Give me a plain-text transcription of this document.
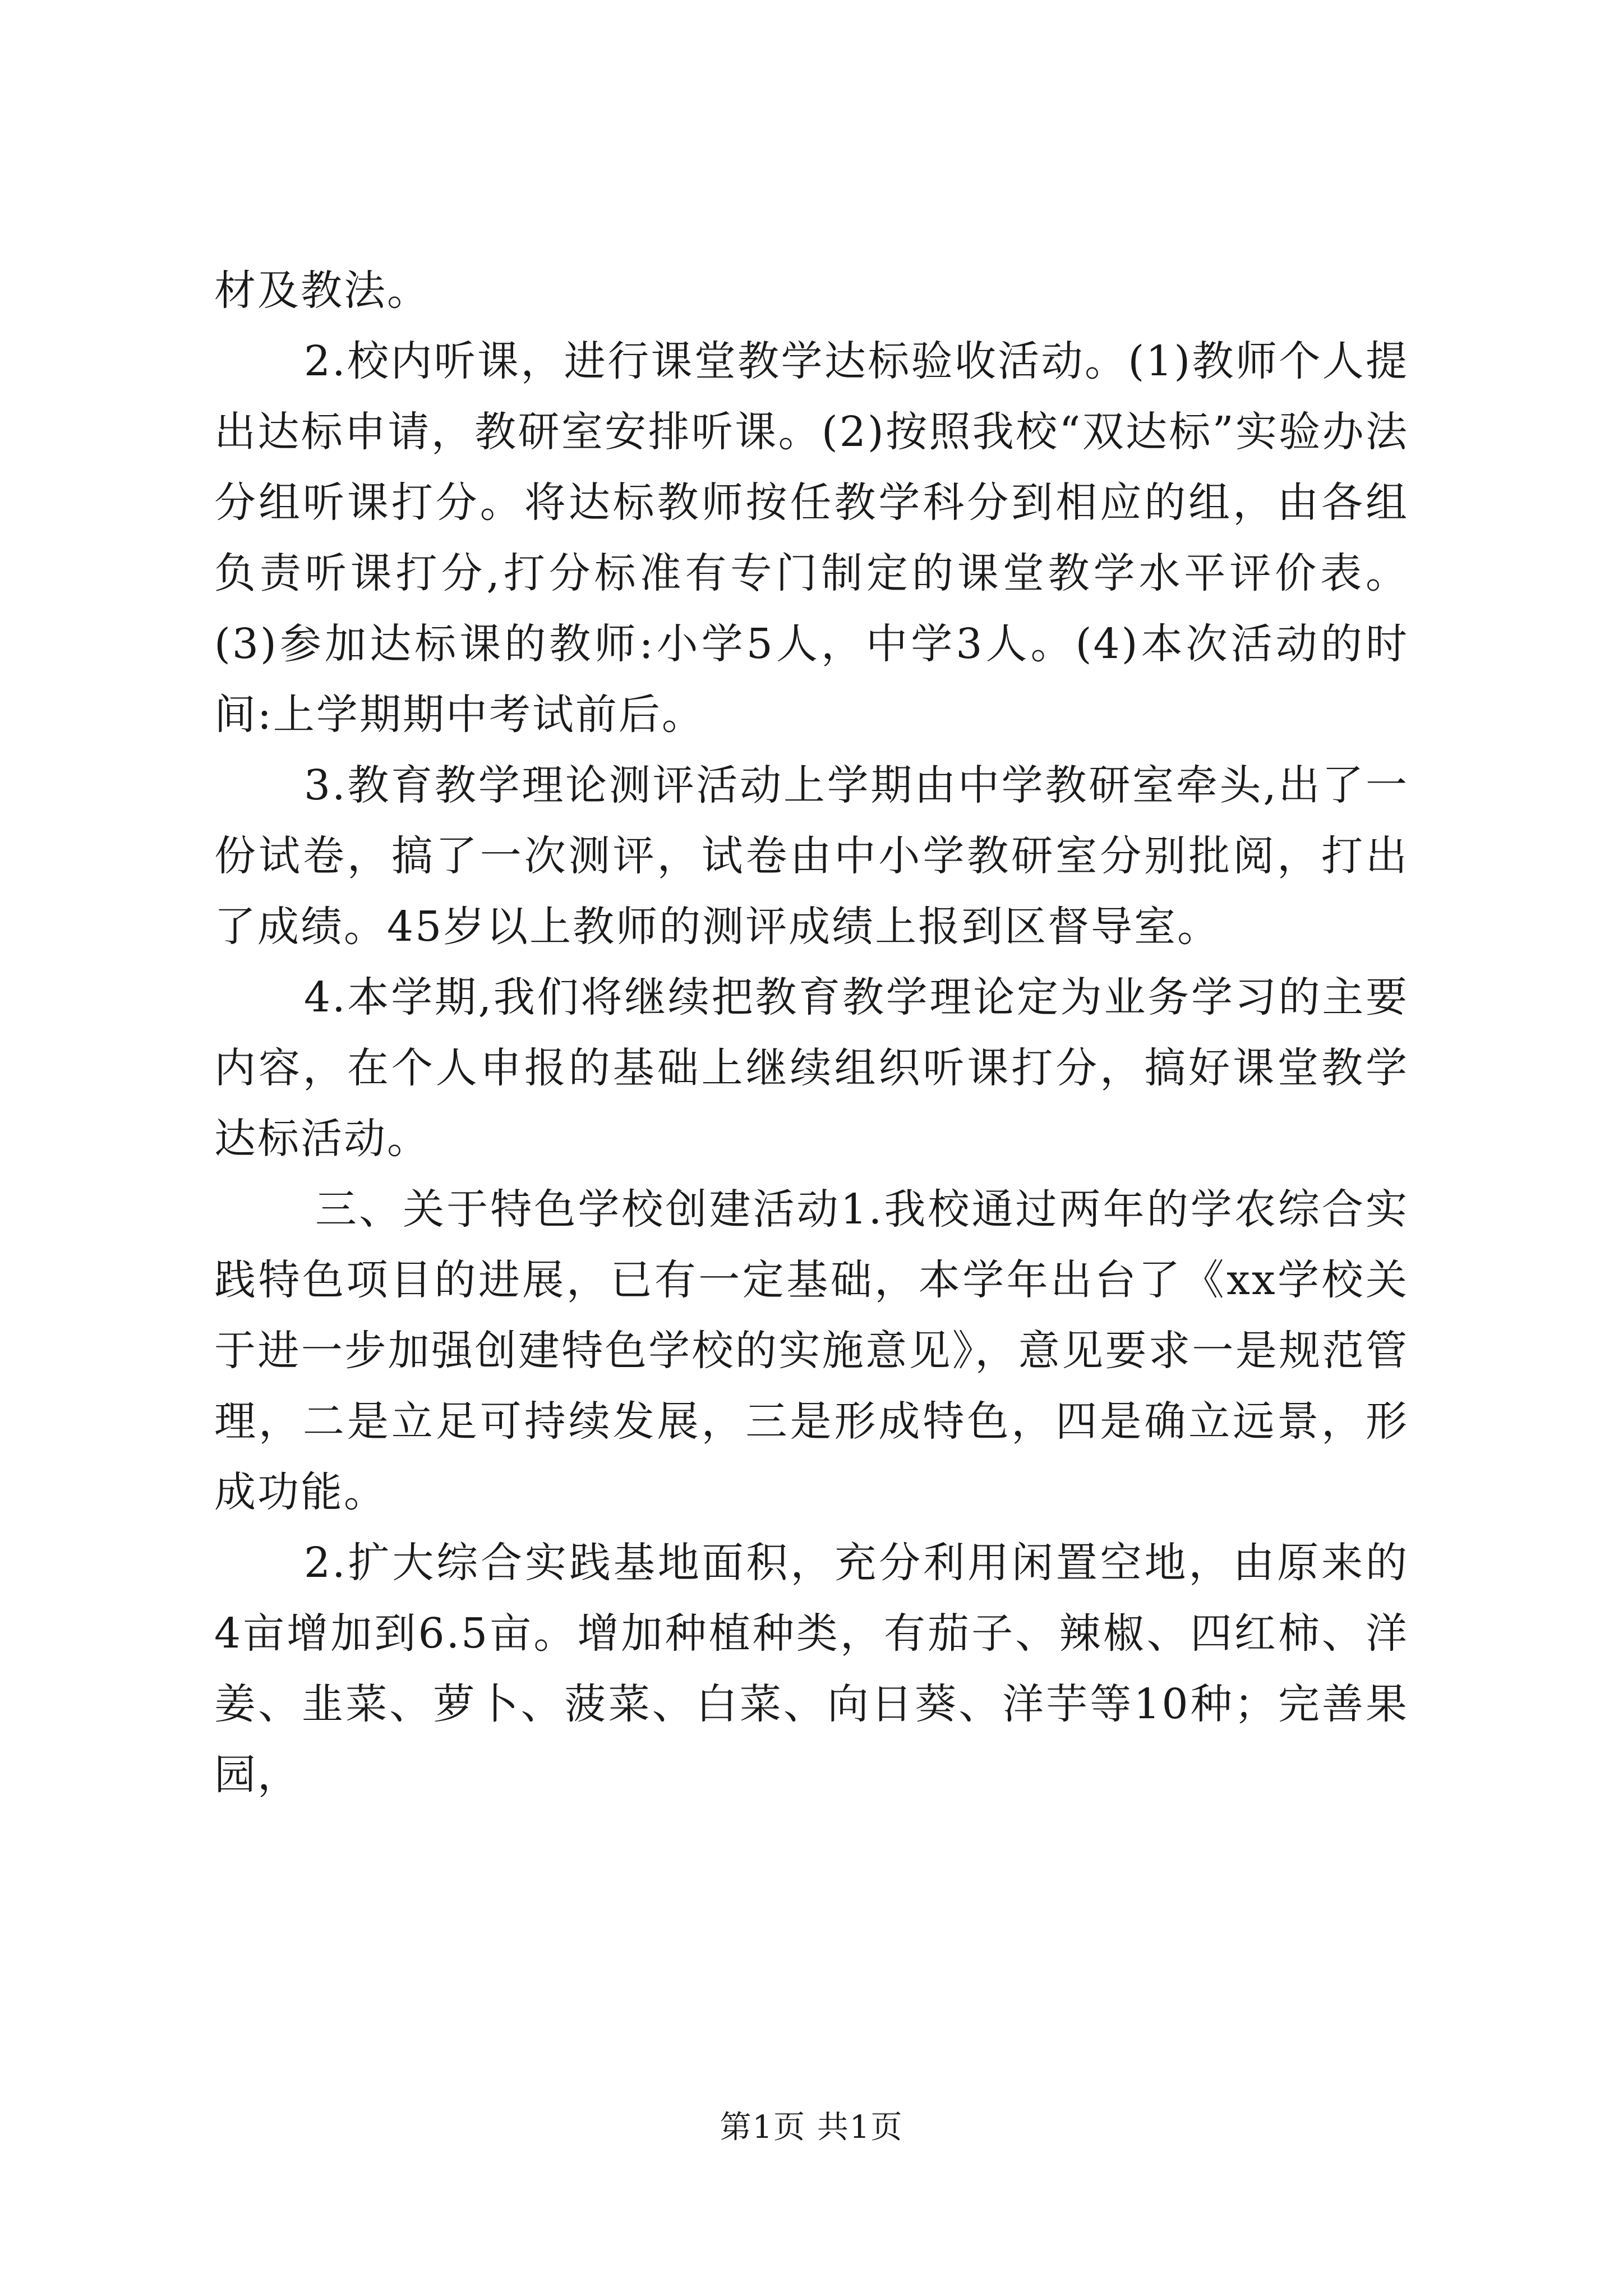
材及教法。

2.校内听课，进行课堂教学达标验收活动。(1)教师个人提出达标申请，教研室安排听课。(2)按照我校“双达标”实验办法分组听课打分。将达标教师按任教学科分到相应的组，由各组负责听课打分,打分标准有专门制定的课堂教学水平评价表。(3)参加达标课的教师:小学5人，中学3人。(4)本次活动的时间:上学期期中考试前后。

3.教育教学理论测评活动上学期由中学教研室牵头,出了一份试卷，搞了一次测评，试卷由中小学教研室分别批阅，打出了成绩。45岁以上教师的测评成绩上报到区督导室。

4.本学期,我们将继续把教育教学理论定为业务学习的主要内容，在个人申报的基础上继续组织听课打分，搞好课堂教学达标活动。

三、关于特色学校创建活动1.我校通过两年的学农综合实践特色项目的进展，已有一定基础，本学年出台了《xx学校关于进一步加强创建特色学校的实施意见》，意见要求一是规范管理，二是立足可持续发展，三是形成特色，四是确立远景，形成功能。

2.扩大综合实践基地面积，充分利用闲置空地，由原来的4亩增加到6.5亩。增加种植种类，有茄子、辣椒、四红柿、洋姜、韭菜、萝卜、菠菜、白菜、向日葵、洋芋等10种；完善果园，

第1页 共1页
